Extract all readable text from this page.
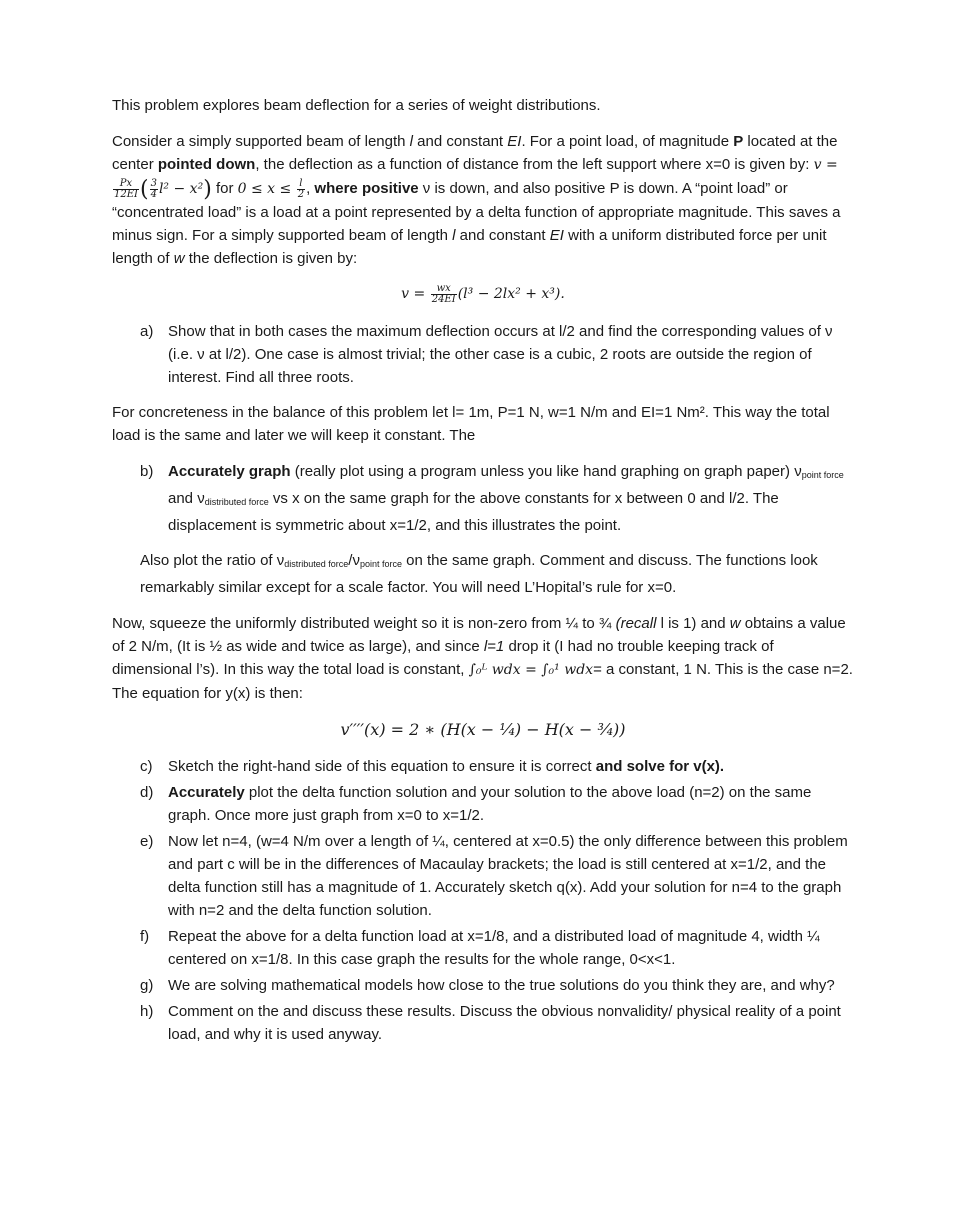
This problem explores beam deflection for a series of weight distributions.

Consider a simply supported beam of length l and constant EI. For a point load, of magnitude P located at the center pointed down, the deflection as a function of distance from the left support where x=0 is given by: v =
$\frac{Px}{12EI}$ ( $\frac{3}{4} l^2 - x^2$) for $0 \le x \le \frac{l}{2}$ , where positive ν is down, and also positive P is down. A “point load” or “concentrated load” is a load at a point represented by a delta function of appropriate magnitude. This saves a minus sign. For a simply supported beam of length l and constant EI with a uniform distributed force per unit length of w the deflection is given by:

$v = \frac{wx}{24EI} (l^3 - 2lx^2 + x^3)$.
a) Show that in both cases the maximum deflection occurs at l/2 and find the corresponding values of ν (i.e. ν at l/2). One case is almost trivial; the other case is a cubic, 2 roots are outside the region of interest. Find all three roots.

For concreteness in the balance of this problem let l= 1m, P=1 N, w=1 N/m and EI=1 Nm². This way the total load is the same and later we will keep it constant. The

b) Accurately graph (really plot using a program unless you like hand graphing on graph paper) $\nu_{point force}$ and $\nu_{distributed force}$ vs x on the same graph for the above constants for x between 0 and l/2. The displacement is symmetric about x=1/2, and this illustrates the point.

Also plot the ratio of $\nu_{distributed force}/\nu_{point force}$ on the same graph. Comment and discuss. The functions look remarkably similar except for a scale factor. You will need L’Hopital’s rule for x=0.

Now, squeeze the uniformly distributed weight so it is non-zero from ¼ to ¾ (recall l is 1) and w obtains a value of 2 N/m, (It is ½ as wide and twice as large), and since l=1 drop it (I had no trouble keeping track of dimensional l’s). In this way the total load is constant, ∫₀ᴸ wdx = ∫₀¹ wdx= a constant, 1 N. This is the case n=2. The equation for y(x) is then:

v′′′′(x) = 2 ∗ (H(x − ¹⁄₄) − H(x − ³⁄₄))
c) Sketch the right-hand side of this equation to ensure it is correct and solve for v(x).
d) Accurately plot the delta function solution and your solution to the above load (n=2) on the same graph. Once more just graph from x=0 to x=1/2.
e) Now let n=4, (w=4 N/m over a length of ¼, centered at x=0.5) the only difference between this problem and part c will be in the differences of Macaulay brackets; the load is still centered at x=1/2, and the delta function still has a magnitude of 1. Accurately sketch q(x). Add your solution for n=4 to the graph with n=2 and the delta function solution.
f) Repeat the above for a delta function load at x=1/8, and a distributed load of magnitude 4, width ¼ centered on x=1/8. In this case graph the results for the whole range, 0<x<1.
g) We are solving mathematical models how close to the true solutions do you think they are, and why?
h) Comment on the and discuss these results. Discuss the obvious nonvalidity/ physical reality of a point load, and why it is used anyway.
